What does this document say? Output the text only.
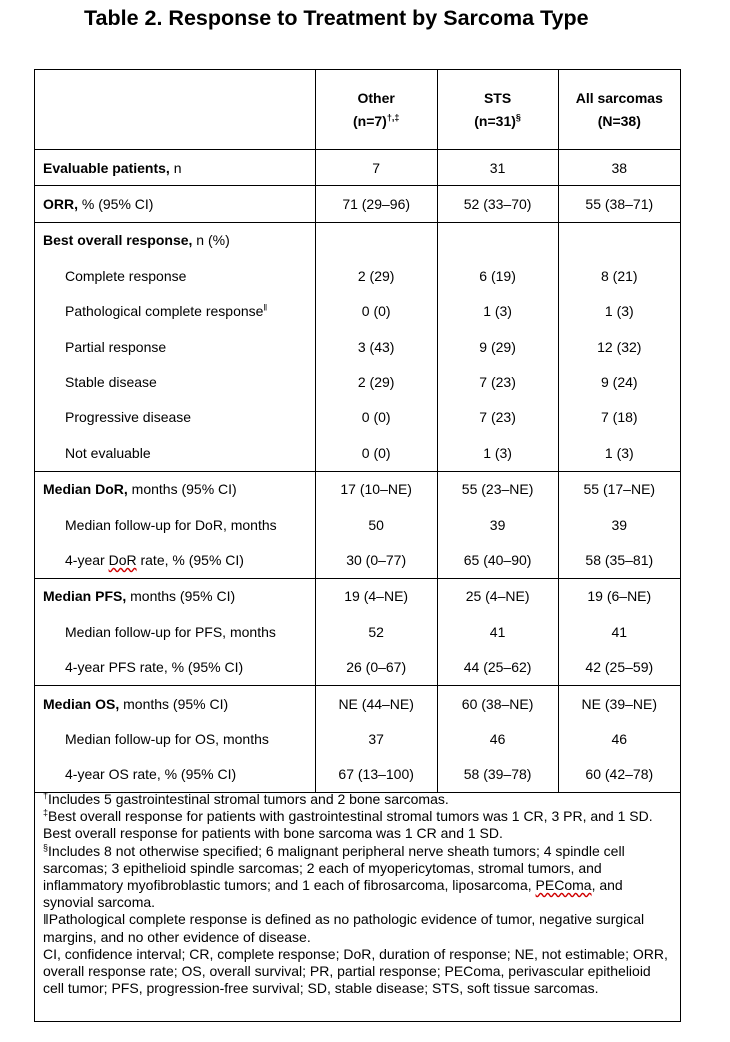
Table 2. Response to Treatment by Sarcoma Type
	Other	STS	All sarcomas
	(n=7)†,‡	(n=31)§	(N=38)
Evaluable patients, n	7	31	38
ORR, % (95% CI)	71 (29–96)	52 (33–70)	55 (38–71)
Best overall response, n (%)			
Complete response	2 (29)	6 (19)	8 (21)
Pathological complete response‖	0 (0)	1 (3)	1 (3)
Partial response	3 (43)	9 (29)	12 (32)
Stable disease	2 (29)	7 (23)	9 (24)
Progressive disease	0 (0)	7 (23)	7 (18)
Not evaluable	0 (0)	1 (3)	1 (3)
Median DoR, months (95% CI)	17 (10–NE)	55 (23–NE)	55 (17–NE)
Median follow-up for DoR, months	50	39	39
4-year DoR rate, % (95% CI)	30 (0–77)	65 (40–90)	58 (35–81)
Median PFS, months (95% CI)	19 (4–NE)	25 (4–NE)	19 (6–NE)
Median follow-up for PFS, months	52	41	41
4-year PFS rate, % (95% CI)	26 (0–67)	44 (25–62)	42 (25–59)
Median OS, months (95% CI)	NE (44–NE)	60 (38–NE)	NE (39–NE)
Median follow-up for OS, months	37	46	46
4-year OS rate, % (95% CI)	67 (13–100)	58 (39–78)	60 (42–78)

†Includes 5 gastrointestinal stromal tumors and 2 bone sarcomas.

‡Best overall response for patients with gastrointestinal stromal tumors was 1 CR, 3 PR, and 1 SD. Best overall response for patients with bone sarcoma was 1 CR and 1 SD.

§Includes 8 not otherwise specified; 6 malignant peripheral nerve sheath tumors; 4 spindle cell sarcomas; 3 epithelioid spindle sarcomas; 2 each of myopericytomas, stromal tumors, and inflammatory myofibroblastic tumors; and 1 each of fibrosarcoma, liposarcoma, PEComa, and synovial sarcoma.

‖Pathological complete response is defined as no pathologic evidence of tumor, negative surgical margins, and no other evidence of disease.

CI, confidence interval; CR, complete response; DoR, duration of response; NE, not estimable; ORR, overall response rate; OS, overall survival; PR, partial response; PEComa, perivascular epithelioid cell tumor; PFS, progression-free survival; SD, stable disease; STS, soft tissue sarcomas.
